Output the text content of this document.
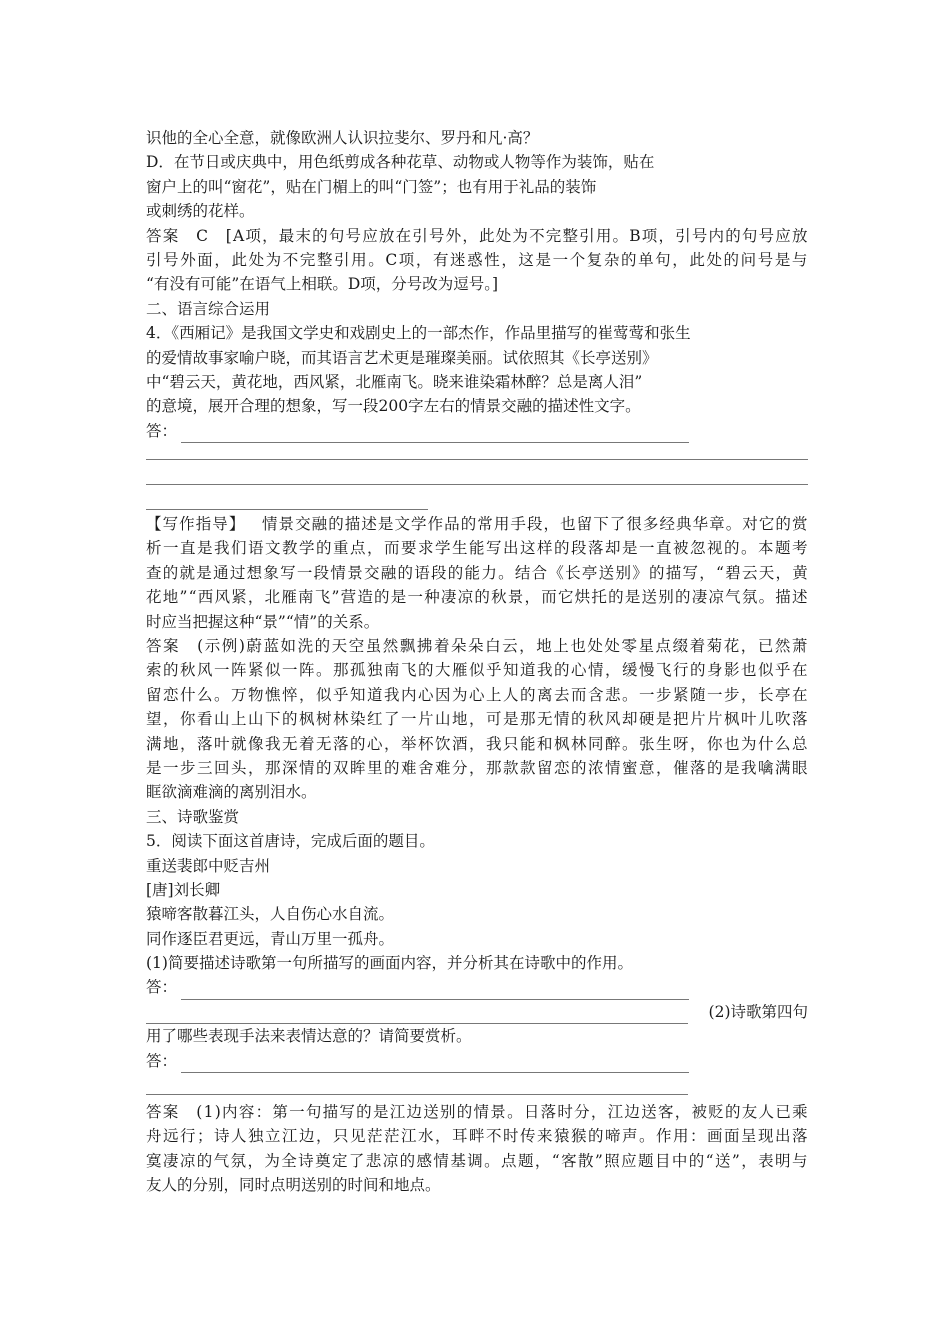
识他的全心全意，就像欧洲人认识拉斐尔、罗丹和凡·高？
D．在节日或庆典中，用色纸剪成各种花草、动物或人物等作为装饰，贴在
窗户上的叫“窗花”，贴在门楣上的叫“门签”；也有用于礼品的装饰
或刺绣的花样。
答 案
　 C
　 [ A 项 ， 最 末 的 句 号 应 放 在 引 号 外 ， 此 处 为 不 完 整 引 用 。 B 项 ， 引 号 内 的 句 号 应 放
引 号 外 面 ， 此 处 为 不 完 整 引 用 。 C 项 ， 有 迷 惑 性 ， 这 是 一 个 复 杂 的 单 句 ， 此 处 的 问 号 是 与
“有没有可能”在语气上相联。D项，分号改为逗号。]
二、语言综合运用
4．《西厢记》是我国文学史和戏剧史上的一部杰作，作品里描写的崔莺莺和张生
的爱情故事家喻户晓，而其语言艺术更是璀璨美丽。试依照其《长亭送别》
中“碧云天，黄花地，西风紧，北雁南飞。晓来谁染霜林醉？总是离人泪”
的意境，展开合理的想象，写一段200字左右的情景交融的描述性文字。
答：
【 写 作 指 导 】
　 情 景 交 融 的 描 述 是 文 学 作 品 的 常 用 手 段 ， 也 留 下 了 很 多 经 典 华 章 。 对 它 的 赏
析 一 直 是 我 们 语 文 教 学 的 重 点 ， 而 要 求 学 生 能 写 出 这 样 的 段 落 却 是 一 直 被 忽 视 的 。 本 题 考
查 的 就 是 通 过 想 象 写 一 段 情 景 交 融 的 语 段 的 能 力 。 结 合 《 长 亭 送 别 》 的 描 写 ， “ 碧 云 天 ， 黄
花 地 ” “ 西 风 紧 ， 北 雁 南 飞 ” 营 造 的 是 一 种 凄 凉 的 秋 景 ， 而 它 烘 托 的 是 送 别 的 凄 凉 气 氛 。 描 述
时应当把握这种“景”“情”的关系。
答 案
　 ( 示 例 ) 蔚 蓝 如 洗 的 天 空 虽 然 飘 拂 着 朵 朵 白 云 ， 地 上 也 处 处 零 星 点 缀 着 菊 花 ， 已 然 萧
索 的 秋 风 一 阵 紧 似 一 阵 。 那 孤 独 南 飞 的 大 雁 似 乎 知 道 我 的 心 情 ， 缓 慢 飞 行 的 身 影 也 似 乎 在
留 恋 什 么 。 万 物 憔 悴 ， 似 乎 知 道 我 内 心 因 为 心 上 人 的 离 去 而 含 悲 。 一 步 紧 随 一 步 ， 长 亭 在
望 ， 你 看 山 上 山 下 的 枫 树 林 染 红 了 一 片 山 地 ， 可 是 那 无 情 的 秋 风 却 硬 是 把 片 片 枫 叶 儿 吹 落
满 地 ， 落 叶 就 像 我 无 着 无 落 的 心 ， 举 杯 饮 酒 ， 我 只 能 和 枫 林 同 醉 。 张 生 呀 ， 你 也 为 什 么 总
是 一 步 三 回 头 ， 那 深 情 的 双 眸 里 的 难 舍 难 分 ， 那 款 款 留 恋 的 浓 情 蜜 意 ， 催 落 的 是 我 噙 满 眼
眶欲滴难滴的离别泪水。
三、诗歌鉴赏
5．阅读下面这首唐诗，完成后面的题目。
重送裴郎中贬吉州
[唐]刘长卿
猿啼客散暮江头，人自伤心水自流。
同作逐臣君更远，青山万里一孤舟。
(1)简要描述诗歌第一句所描写的画面内容，并分析其在诗歌中的作用。
答：
(2)诗歌第四句
用了哪些表现手法来表情达意的？请简要赏析。
答：
答 案
　 ( 1 ) 内 容 ： 第 一 句 描 写 的 是 江 边 送 别 的 情 景 。 日 落 时 分 ， 江 边 送 客 ， 被 贬 的 友 人 已 乘
舟 远 行 ； 诗 人 独 立 江 边 ， 只 见 茫 茫 江 水 ， 耳 畔 不 时 传 来 猿 猴 的 啼 声 。 作 用 ： 画 面 呈 现 出 落
寞 凄 凉 的 气 氛 ， 为 全 诗 奠 定 了 悲 凉 的 感 情 基 调 。 点 题 ， “ 客 散 ” 照 应 题 目 中 的 “ 送 ” ， 表 明 与
友人的分别，同时点明送别的时间和地点。
